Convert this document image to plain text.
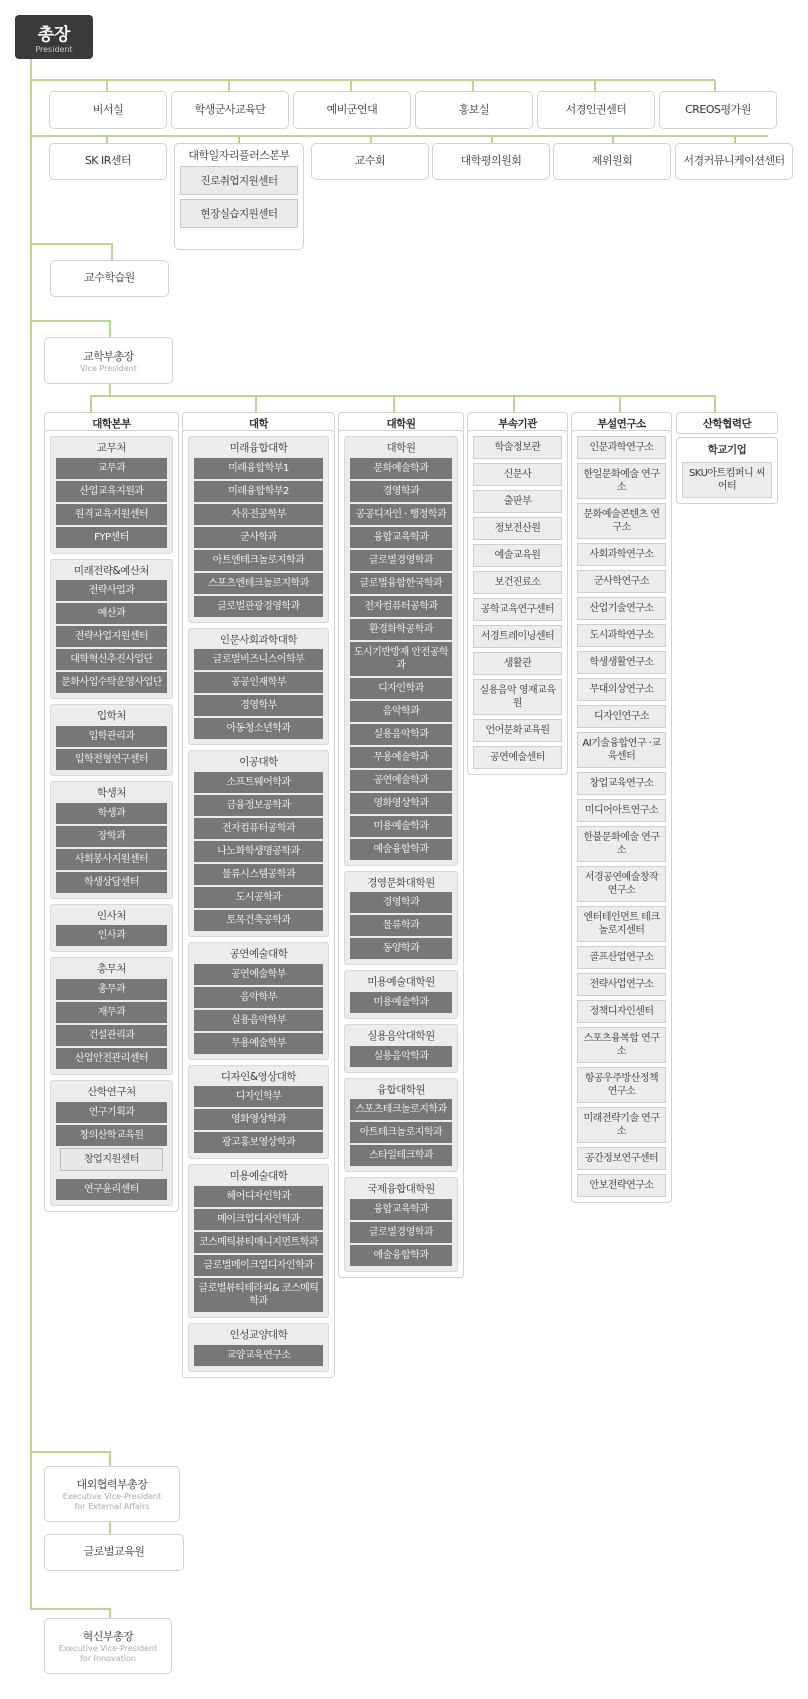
총장
President
비서실	학생군사교육단	예비군연대	홍보실	서경인권센터	CREOS평가원
SK IR센터	대학일자리플러스본부
진로취업지원센터
현장실습지원센터
교수회	대학평의원회	제위원회	서경커뮤니케이션센터
교수학습원
교학부총장
Vice President
대학본부	대학	대학원	부속기관	부설연구소	산학협력단
교무처
교무과
산업교육지원과
원격교육지원센터
FYP센터
미래전략&예산처
전략사업과
예산과
전략사업지원센터
대학혁신추진사업단
문화사업수탁운영사업단
입학처
입학관리과
입학전형연구센터
학생처
학생과
장학과
사회봉사지원센터
학생상담센터
인사처
인사과
총무처
총무과
재무과
건설관리과
산업안전관리센터
산학연구처
연구기획과
창의산학교육원
창업지원센터
연구윤리센터
미래융합대학
미래융합학부1
미래융합학부2
자유전공학부
군사학과
아트엔테크놀로지학과
스포츠엔테크놀로지학과
글로벌관광경영학과
인문사회과학대학
글로벌비즈니스어학부
공공인재학부
경영학부
아동청소년학과
이공대학
소프트웨어학과
금융정보공학과
전자컴퓨터공학과
나노화학생명공학과
물류시스템공학과
도시공학과
토목건축공학과
공연예술대학
공연예술학부
음악학부
실용음악학부
무용예술학부
디자인&영상대학
디자인학부
영화영상학과
광고홍보영상학과
미용예술대학
헤어디자인학과
메이크업디자인학과
코스메틱뷰티매니지먼트학과
글로벌메이크업디자인학과
글로벌뷰티테라피& 코스메틱학과
인성교양대학
교양교육연구소
대학원
문화예술학과
경영학과
공공디자인 · 행정학과
융합교육학과
글로벌경영학과
글로벌융합한국학과
전자컴퓨터공학과
환경화학공학과
도시기반방재 안전공학과
디자인학과
음악학과
실용음악학과
무용예술학과
공연예술학과
영화영상학과
미용예술학과
예술융합학과
경영문화대학원
경영학과
물류학과
동양학과
미용예술대학원
미용예술학과
실용음악대학원
실용음악학과
융합대학원
스포츠테크놀로지학과
아트테크놀로지학과
스타일테크학과
국제융합대학원
융합교육학과
글로벌경영학과
예술융합학과
학술정보관
신문사
출판부
정보전산원
예술교육원
보건진료소
공학교육연구센터
서경트레이닝센터
생활관
실용음악 영재교육원
언어문화교육원
공연예술센터
인문과학연구소
한일문화예술 연구소
문화예술콘텐츠 연구소
사회과학연구소
군사학연구소
산업기술연구소
도시과학연구소
학생생활연구소
무대의상연구소
디자인연구소
AI기술융합연구 ·교육센터
창업교육연구소
미디어아트연구소
한불문화예술 연구소
서경공연예술창작 연구소
엔터테인먼트 테크놀로지센터
골프산업연구소
전략사업연구소
정책디자인센터
스포츠융복합 연구소
항공우주방산정책 연구소
미래전략기술 연구소
공간정보연구센터
안보전략연구소
학교기업
SKU아트컴퍼니 씨어터
대외협력부총장
Executive Vice-President
for External Affairs
글로벌교육원
혁신부총장
Executive Vice-President
for Innovation
